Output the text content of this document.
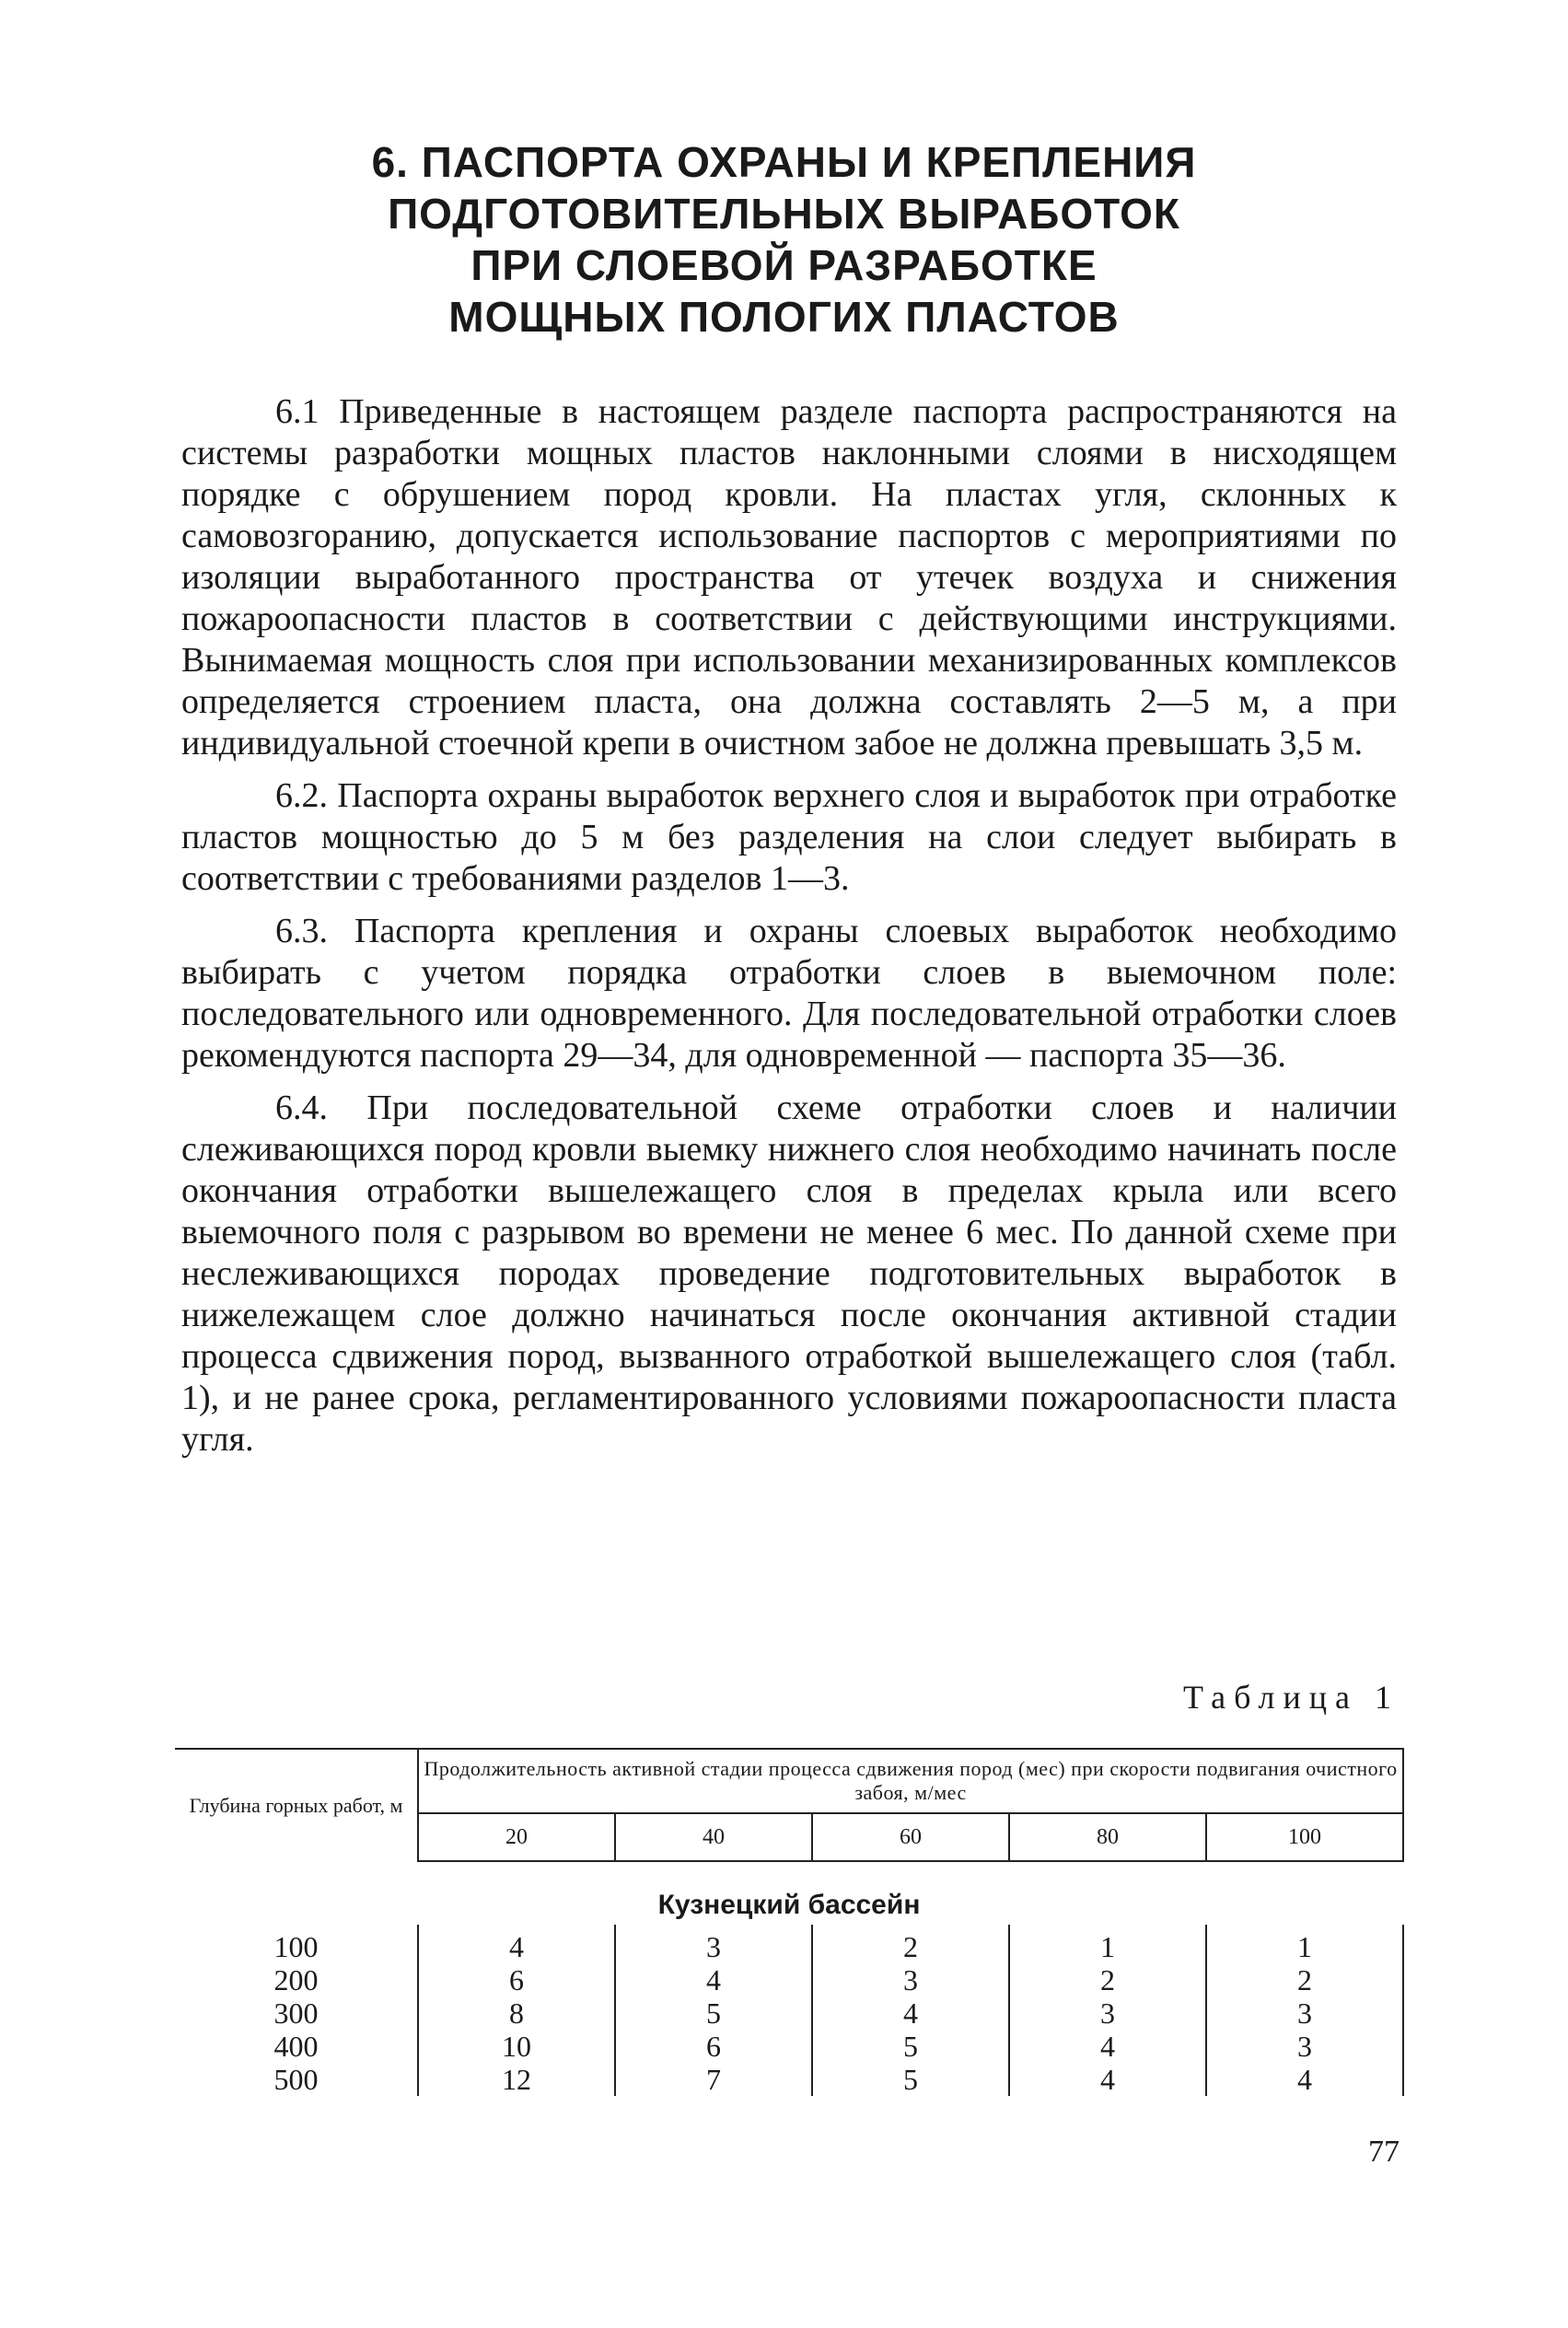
6. ПАСПОРТА ОХРАНЫ И КРЕПЛЕНИЯ
ПОДГОТОВИТЕЛЬНЫХ ВЫРАБОТОК
ПРИ СЛОЕВОЙ РАЗРАБОТКЕ
МОЩНЫХ ПОЛОГИХ ПЛАСТОВ

6.1 Приведенные в настоящем разделе паспорта распространяются на системы разработки мощных пластов наклонными слоями в нисходящем порядке с обрушением пород кровли. На пластах угля, склонных к самовозгоранию, допускается использование паспортов с мероприятиями по изоляции выработанного пространства от утечек воздуха и снижения пожароопасности пластов в соответствии с действующими инструкциями. Вынимаемая мощность слоя при использовании механизированных комплексов определяется строением пласта, она должна составлять 2—5 м, а при индивидуальной стоечной крепи в очистном забое не должна превышать 3,5 м.

6.2. Паспорта охраны выработок верхнего слоя и выработок при отработке пластов мощностью до 5 м без разделения на слои следует выбирать в соответствии с требованиями разделов 1—3.

6.3. Паспорта крепления и охраны слоевых выработок необходимо выбирать с учетом порядка отработки слоев в выемочном поле: последовательного или одновременного. Для последовательной отработки слоев рекомендуются паспорта 29—34, для одновременной — паспорта 35—36.

6.4. При последовательной схеме отработки слоев и наличии слеживающихся пород кровли выемку нижнего слоя необходимо начинать после окончания отработки вышележащего слоя в пределах крыла или всего выемочного поля с разрывом во времени не менее 6 мес. По данной схеме при неслеживающихся породах проведение подготовительных выработок в нижележащем слое должно начинаться после окончания активной стадии процесса сдвижения пород, вызванного отработкой вышележащего слоя (табл. 1), и не ранее срока, регламентированного условиями пожароопасности пласта угля.

Таблица 1
Глубина горных работ, м	Продолжительность активной стадии процесса сдвижения пород (мес) при скорости подвигания очистного забоя, м/мес				
	20	40	60	80	100
Кузнецкий бассейн					
100	4	3	2	1	1
200	6	4	3	2	2
300	8	5	4	3	3
400	10	6	5	4	3
500	12	7	5	4	4
77
